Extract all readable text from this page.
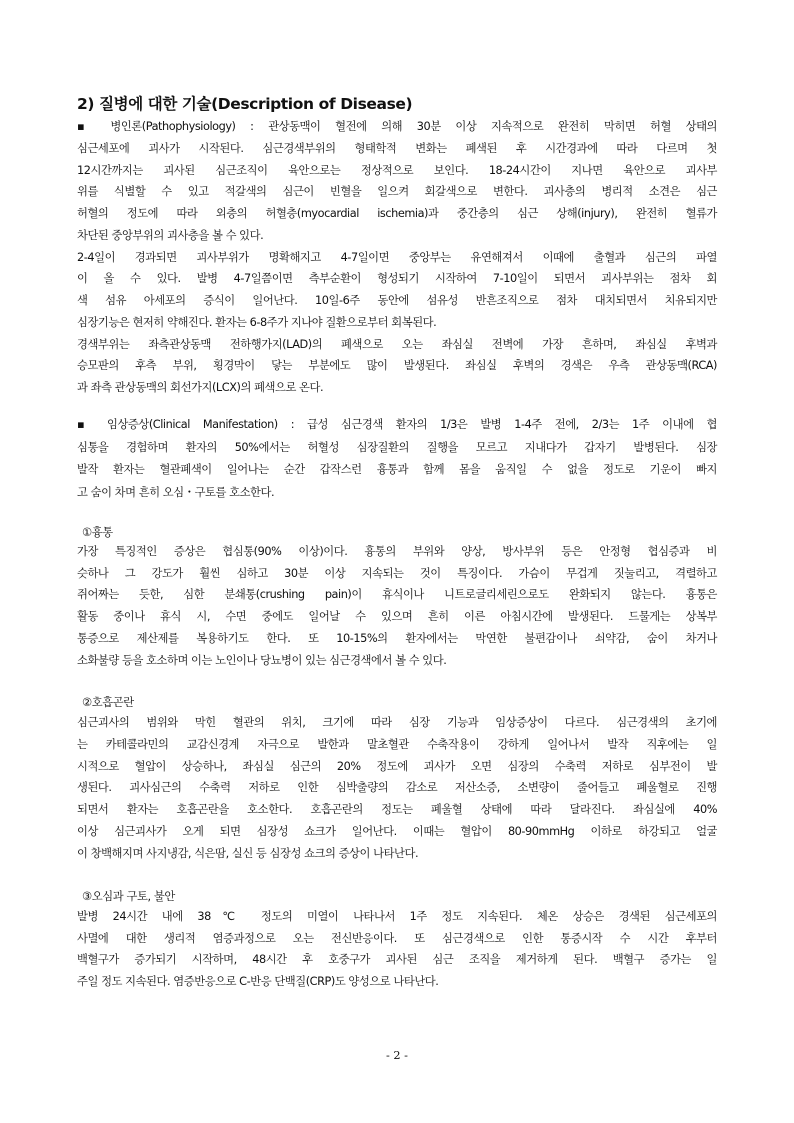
2) 질병에 대한 기술(Description of Disease)
▪ 병인론(Pathophysiology) : 관상동맥이 혈전에 의해 30분 이상 지속적으로 완전히 막히면 허혈 상태의
심근세포에 괴사가 시작된다. 심근경색부위의 형태학적 변화는 폐색된 후 시간경과에 따라 다르며 첫
12시간까지는 괴사된 심근조직이 육안으로는 정상적으로 보인다. 18-24시간이 지나면 육안으로 괴사부
위를 식별할 수 있고 적갈색의 심근이 빈혈을 일으켜 회갈색으로 변한다. 괴사층의 병리적 소견은 심근
허혈의 정도에 따라 외층의 허혈층(myocardial ischemia)과 중간층의 심근 상해(injury), 완전히 혈류가
차단된 중앙부위의 괴사층을 볼 수 있다.
2-4일이 경과되면 괴사부위가 명확해지고 4-7일이면 중앙부는 유연해져서 이때에 출혈과 심근의 파열
이 올 수 있다. 발병 4-7일쯤이면 측부순환이 형성되기 시작하여 7-10일이 되면서 괴사부위는 점차 회
색 섬유 아세포의 증식이 일어난다. 10일-6주 동안에 섬유성 반흔조직으로 점차 대치되면서 치유되지만
심장기능은 현저히 약해진다. 환자는 6-8주가 지나야 질환으로부터 회복된다.
경색부위는 좌측관상동맥 전하행가지(LAD)의 폐색으로 오는 좌심실 전벽에 가장 흔하며, 좌심실 후벽과
승모판의 후측 부위, 횡경막이 닿는 부분에도 많이 발생된다. 좌심실 후벽의 경색은 우측 관상동맥(RCA)
과 좌측 관상동맥의 회선가지(LCX)의 폐색으로 온다.
▪ 임상증상(Clinical Manifestation) : 급성 심근경색 환자의 1/3은 발병 1-4주 전에, 2/3는 1주 이내에 협
심통을 경험하며 환자의 50%에서는 허혈성 심장질환의 질행을 모르고 지내다가 갑자기 발병된다. 심장
발작 환자는 혈관폐색이 일어나는 순간 갑작스런 흉통과 함께 몸을 움직일 수 없을 정도로 기운이 빠지
고 숨이 차며 흔히 오심・구토를 호소한다.
①흉통
가장 특징적인 증상은 협심통(90% 이상)이다. 흉통의 부위와 양상, 방사부위 등은 안정형 협심증과 비
슷하나 그 강도가 훨씬 심하고 30분 이상 지속되는 것이 특징이다. 가슴이 무겁게 짓눌리고, 격렬하고
쥐어짜는 듯한, 심한 분쇄통(crushing pain)이 휴식이나 니트로글리세린으로도 완화되지 않는다. 흉통은
활동 중이나 휴식 시, 수면 중에도 일어날 수 있으며 흔히 이른 아침시간에 발생된다. 드물게는 상복부
통증으로 제산제를 복용하기도 한다. 또 10-15%의 환자에서는 막연한 불편감이나 쇠약감, 숨이 차거나
소화불량 등을 호소하며 이는 노인이나 당뇨병이 있는 심근경색에서 볼 수 있다.
②호흡곤란
심근괴사의 범위와 막힌 혈관의 위치, 크기에 따라 심장 기능과 임상증상이 다르다. 심근경색의 초기에
는 카테콜라민의 교감신경계 자극으로 발한과 말초혈관 수축작용이 강하게 일어나서 발작 직후에는 일
시적으로 혈압이 상승하나, 좌심실 심근의 20% 정도에 괴사가 오면 심장의 수축력 저하로 심부전이 발
생된다. 괴사심근의 수축력 저하로 인한 심박출량의 감소로 저산소증, 소변량이 줄어들고 폐울혈로 진행
되면서 환자는 호흡곤란을 호소한다. 호흡곤란의 정도는 폐울혈 상태에 따라 달라진다. 좌심실에 40%
이상 심근괴사가 오게 되면 심장성 쇼크가 일어난다. 이때는 혈압이 80-90mmHg 이하로 하강되고 얼굴
이 창백해지며 사지냉감, 식은땀, 실신 등 심장성 쇼크의 증상이 나타난다.
③오심과 구토, 불안
발병 24시간 내에 38℃ 정도의 미열이 나타나서 1주 정도 지속된다. 체온 상승은 경색된 심근세포의
사멸에 대한 생리적 염증과정으로 오는 전신반응이다. 또 심근경색으로 인한 통증시작 수 시간 후부터
백혈구가 증가되기 시작하며, 48시간 후 호중구가 괴사된 심근 조직을 제거하게 된다. 백혈구 증가는 일
주일 정도 지속된다. 염증반응으로 C-반응 단백질(CRP)도 양성으로 나타난다.
- 2 -
